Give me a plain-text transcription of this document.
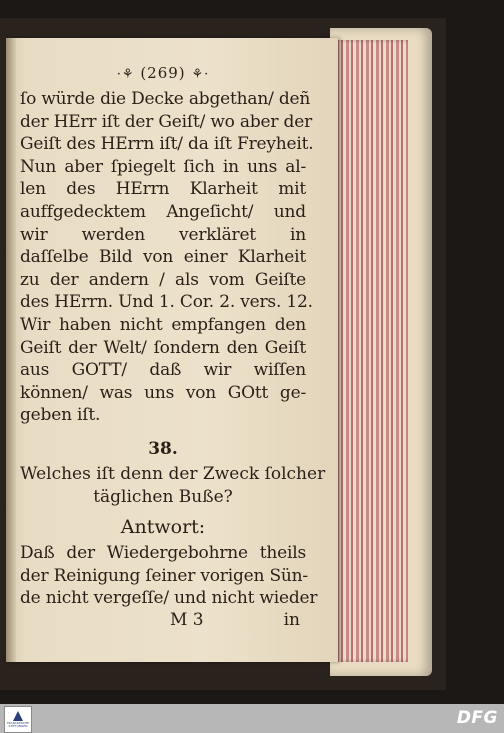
·⚘ (269) ⚘·
ſo würde die Decke abgethan/ deñ
der HErr iſt der Geiſt/ wo aber der
Geiſt des HErrn iſt/ da iſt Freyheit.
Nun aber ſpiegelt ſich in uns al-
len des HErrn Klarheit mit
auffgedecktem Angeſicht/ und
wir werden verkläret in
daſſelbe Bild von einer Klarheit
zu der andern / als vom Geiſte
des HErrn. Und 1. Cor. 2. vers. 12.
Wir haben nicht empfangen den
Geiſt der Welt/ ſondern den Geiſt
aus GOTT/ daß wir wiſſen
können/ was uns von GOtt ge-
geben iſt.
38.
Welches iſt denn der Zweck ſolcher
täglichen Buße?
Antwort:
Daß der Wiedergebohrne theils
der Reinigung ſeiner vorigen Sün-
de nicht vergeſſe/ und nicht wieder
M 3	in
FRANCKESCHE STIFTUNGEN	DFG
